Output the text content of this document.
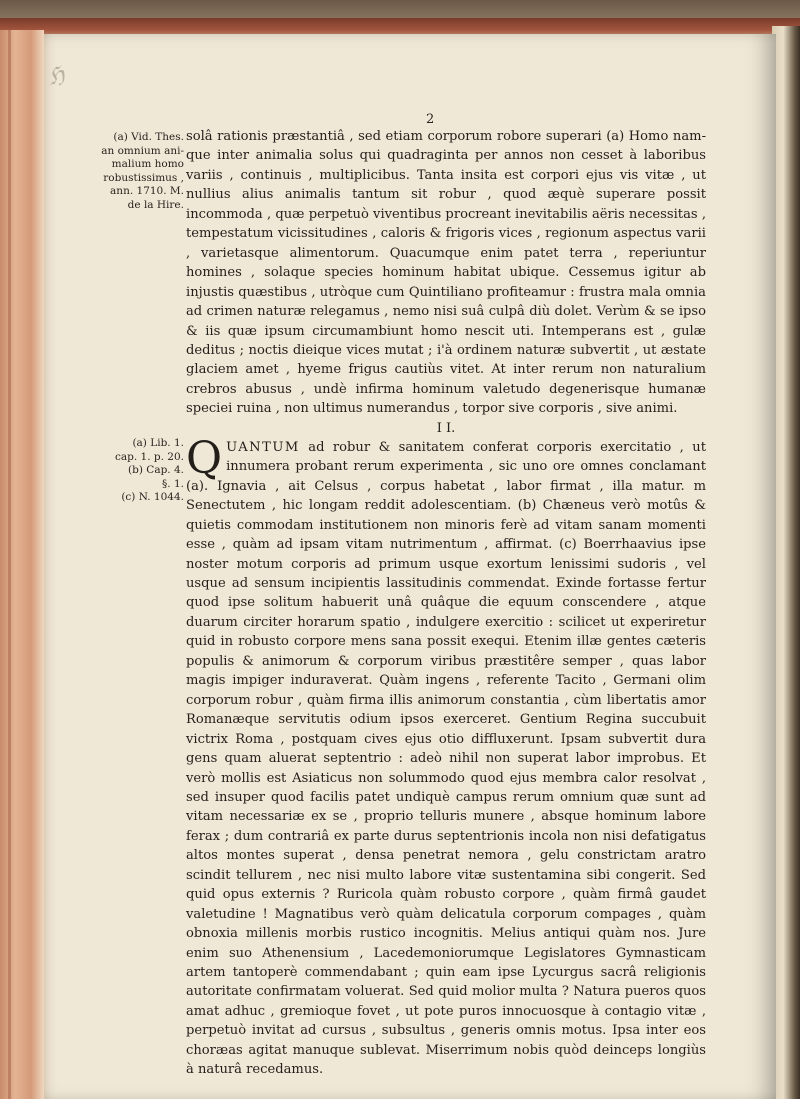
ℌ
2
(a) Vid. Thes.
an omnium ani-
malium homo
robustissimus ,
ann. 1710. M.
de la Hire.
(a) Lib. 1.
cap. 1. p. 20.
(b) Cap. 4.
§. 1.
(c) N. 1044.

solâ rationis præstantiâ , sed etiam corporum robore superari (a) Homo nam-que inter animalia solus qui quadraginta per annos non cesset à laboribus variis , continuis , multiplicibus. Tanta insita est corpori ejus vis vitæ , ut nullius alius animalis tantum sit robur , quod æquè superare possit incommoda , quæ perpetuò viventibus procreant inevitabilis aëris necessitas , tempestatum vicissitudines , caloris & frigoris vices , regionum aspectus varii , varietasque alimentorum. Quacumque enim patet terra , reperiuntur homines , solaque species hominum habitat ubique. Cessemus igitur ab injustis quæstibus , utròque cum Quintiliano profiteamur : frustra mala omnia ad crimen naturæ relegamus , nemo nisi suâ culpâ diù dolet. Verùm & se ipso & iis quæ ipsum circumambiunt homo nescit uti. Intemperans est , gulæ deditus ; noctis dieique vices mutat ; i'à ordinem naturæ subvertit , ut æstate glaciem amet , hyeme frigus cautiùs vitet. At inter rerum non naturalium crebros abusus , undè infirma hominum valetudo degenerisque humanæ speciei ruina , non ultimus numerandus , torpor sive corporis , sive animi.

I I.

QUANTUM ad robur & sanitatem conferat corporis exercitatio , ut innumera probant rerum experimenta , sic uno ore omnes conclamant (a). Ignavia , ait Celsus , corpus habetat , labor firmat , illa matur. m Senectutem , hic longam reddit adolescentiam. (b) Chæneus verò motûs & quietis commodam institutionem non minoris ferè ad vitam sanam momenti esse , quàm ad ipsam vitam nutrimentum , affirmat. (c) Boerrhaavius ipse noster motum corporis ad primum usque exortum lenissimi sudoris , vel usque ad sensum incipientis lassitudinis commendat. Exinde fortasse fertur quod ipse solitum habuerit unâ quâque die equum conscendere , atque duarum circiter horarum spatio , indulgere exercitio : scilicet ut experiretur quid in robusto corpore mens sana possit exequi. Etenim illæ gentes cæteris populis & animorum & corporum viribus præstitêre semper , quas labor magis impiger induraverat. Quàm ingens , referente Tacito , Germani olim corporum robur , quàm firma illis animorum constantia , cùm libertatis amor Romanæque servitutis odium ipsos exerceret. Gentium Regina succubuit victrix Roma , postquam cives ejus otio diffluxerunt. Ipsam subvertit dura gens quam aluerat septentrio : adeò nihil non superat labor improbus. Et verò mollis est Asiaticus non solummodo quod ejus membra calor resolvat , sed insuper quod facilis patet undiquè campus rerum omnium quæ sunt ad vitam necessariæ ex se , proprio telluris munere , absque hominum labore ferax ; dum contrariâ ex parte durus septentrionis incola non nisi defatigatus altos montes superat , densa penetrat nemora , gelu constrictam aratro scindit tellurem , nec nisi multo labore vitæ sustentamina sibi congerit. Sed quid opus externis ? Ruricola quàm robusto corpore , quàm firmâ gaudet valetudine ! Magnatibus verò quàm delicatula corporum compages , quàm obnoxia millenis morbis rustico incognitis. Melius antiqui quàm nos. Jure enim suo Athenensium , Lacedemoniorumque Legislatores Gymnasticam artem tantoperè commendabant ; quin eam ipse Lycurgus sacrâ religionis autoritate confirmatam voluerat. Sed quid molior multa ? Natura pueros quos amat adhuc , gremioque fovet , ut pote puros innocuosque à contagio vitæ , perpetuò invitat ad cursus , subsultus , generis omnis motus. Ipsa inter eos choræas agitat manuque sublevat. Miserrimum nobis quòd deinceps longiùs à naturâ recedamus.
